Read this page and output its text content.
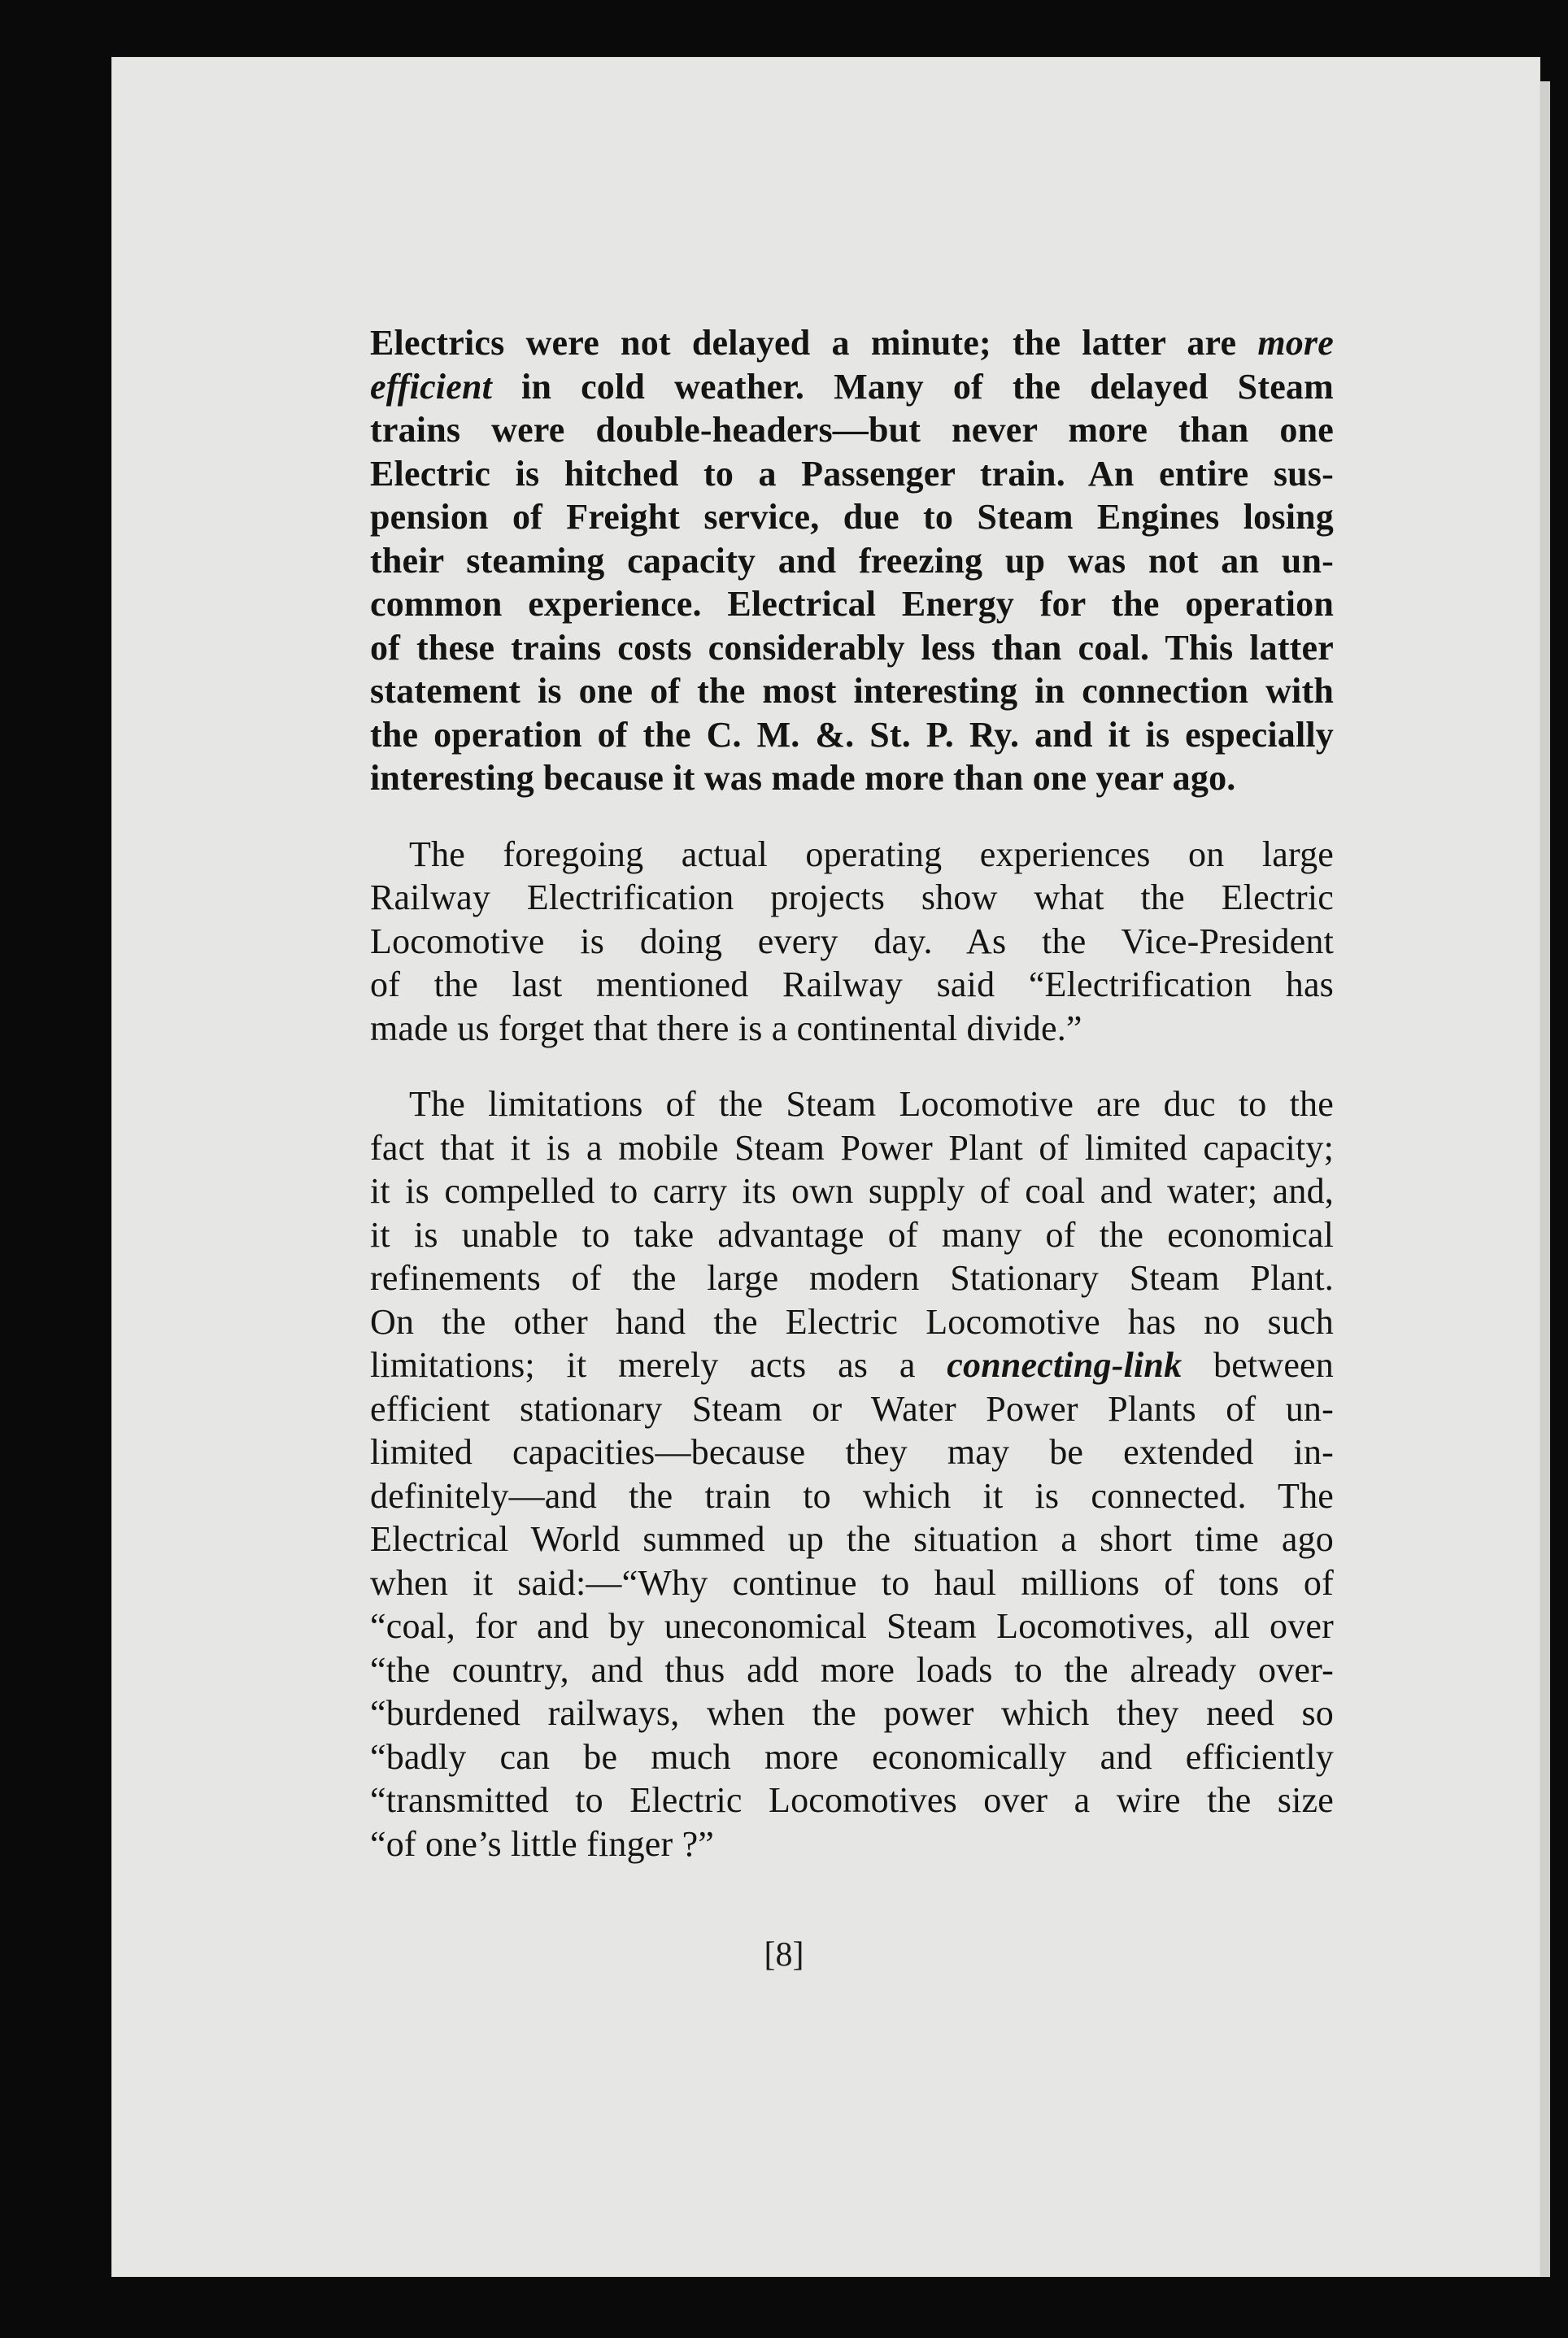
Electrics were not delayed a minute; the latter are more
efficient in cold weather. Many of the delayed Steam
trains were double-headers—but never more than one
Electric is hitched to a Passenger train. An entire sus-
pension of Freight service, due to Steam Engines losing
their steaming capacity and freezing up was not an un-
common experience. Electrical Energy for the operation
of these trains costs considerably less than coal. This latter
statement is one of the most interesting in connection with
the operation of the C. M. &. St. P. Ry. and it is especially
interesting because it was made more than one year ago.
The foregoing actual operating experiences on large
Railway Electrification projects show what the Electric
Locomotive is doing every day. As the Vice-President
of the last mentioned Railway said “Electrification has
made us forget that there is a continental divide.”
The limitations of the Steam Locomotive are duc to the
fact that it is a mobile Steam Power Plant of limited capacity;
it is compelled to carry its own supply of coal and water; and,
it is unable to take advantage of many of the economical
refinements of the large modern Stationary Steam Plant.
On the other hand the Electric Locomotive has no such
limitations; it merely acts as a connecting-link between
efficient stationary Steam or Water Power Plants of un-
limited capacities—because they may be extended in-
definitely—and the train to which it is connected. The
Electrical World summed up the situation a short time ago
when it said:—“Why continue to haul millions of tons of
“coal, for and by uneconomical Steam Locomotives, all over
“the country, and thus add more loads to the already over-
“burdened railways, when the power which they need so
“badly can be much more economically and efficiently
“transmitted to Electric Locomotives over a wire the size
“of one’s little finger ?”
[8]
